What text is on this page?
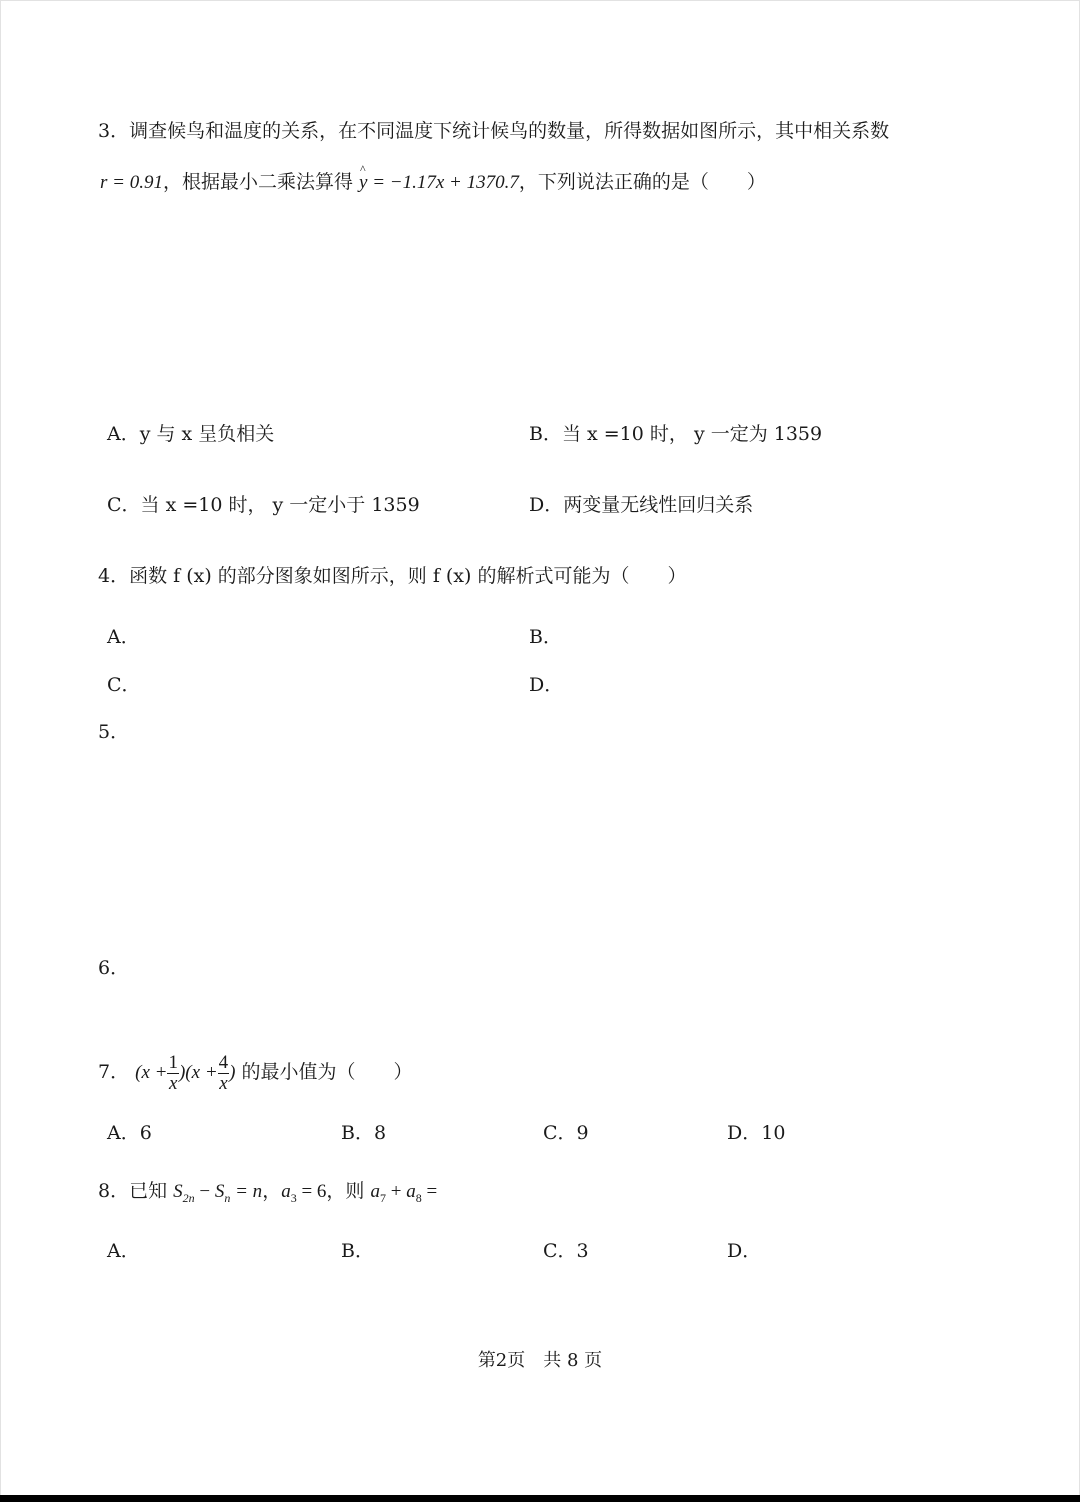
3．调查候鸟和温度的关系，在不同温度下统计候鸟的数量，所得数据如图所示，其中相关系数
r = 0.91，根据最小二乘法算得 ^ y = −1.17x + 1370.7，下列说法正确的是（　　）
A．y 与 x 呈负相关	B．当 x =10 时， y 一定为 1359
C．当 x =10 时， y 一定小于 1359	D．两变量无线性回归关系
4．函数 f (x) 的部分图象如图所示，则 f (x) 的解析式可能为（　　）
A．	B．
C．	D．
5．
6．
7． $(x + \frac{1}{x} )(x + \frac{4}{x}$ ) 的最小值为（　　）
A．6	B．8	C．9	D．10
8．已知 $S_{2n} - S_n = n$，$a_3 = 6$，则 $a_7 + a_8$ =
A．	B．	C．3	D．
第2页　共 8 页
